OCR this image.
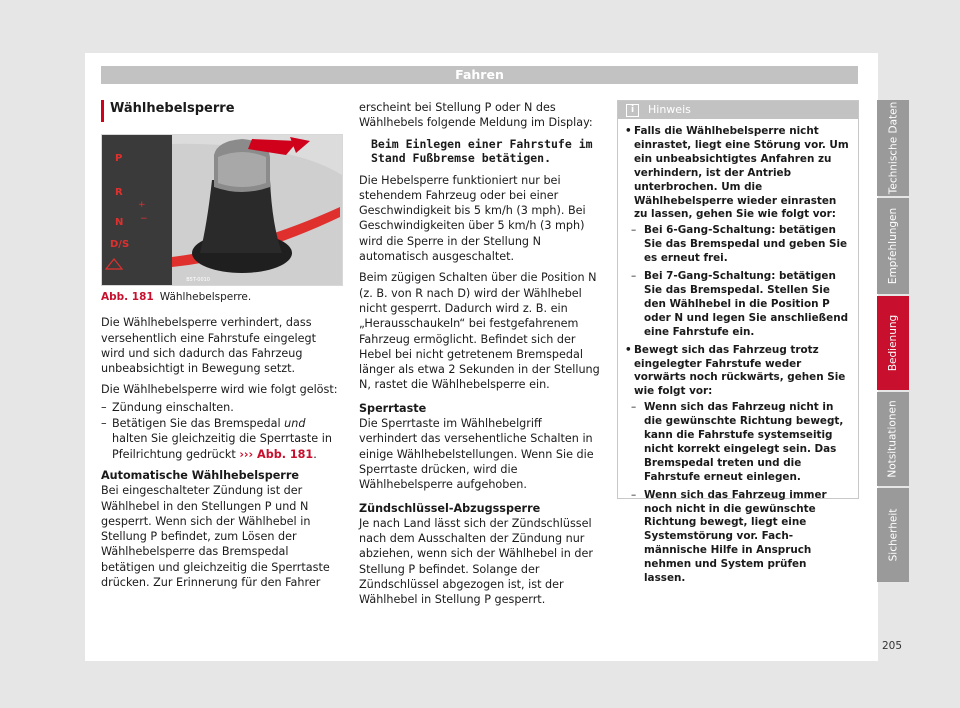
Fahren
Wählhebelsperre
B5T-0010
+
−
P
R
N
D/S
Abb. 181 Wählhebelsperre.

Die Wählhebelsperre verhindert, dass versehentlich eine Fahrstufe eingelegt wird und sich dadurch das Fahrzeug unbeabsichtigt in Bewegung setzt.

Die Wählhebelsperre wird wie folgt gelöst:

– Zündung einschalten.
– Betätigen Sie das Bremspedal und halten Sie gleichzeitig die Sperrtaste in Pfeilrichtung gedrückt ››› Abb. 181.
Automatische Wählhebelsperre

Bei eingeschalteter Zündung ist der Wählhebel in den Stellungen P und N gesperrt. Wenn sich der Wählhebel in Stellung P befindet, zum Lösen der Wählhebelsperre das Bremspedal betätigen und gleichzeitig die Sperrtaste drücken. Zur Erinnerung für den Fahrer

erscheint bei Stellung P oder N des Wählhebels folgende Meldung im Display:

Beim Einlegen einer Fahrstufe im Stand Fußbremse betätigen.

Die Hebelsperre funktioniert nur bei stehendem Fahrzeug oder bei einer Geschwindigkeit bis 5 km/h (3 mph). Bei Geschwindigkeiten über 5 km/h (3 mph) wird die Sperre in der Stellung N automatisch ausgeschaltet.

Beim zügigen Schalten über die Position N (z. B. von R nach D) wird der Wählhebel nicht gesperrt. Dadurch wird z. B. ein „Herausschaukeln“ bei festgefahrenem Fahrzeug ermöglicht. Befindet sich der Hebel bei nicht getretenem Bremspedal länger als etwa 2 Sekunden in der Stellung N, rastet die Wählhebelsperre ein.

Sperrtaste

Die Sperrtaste im Wählhebelgriff verhindert das versehentliche Schalten in einige Wählhebelstellungen. Wenn Sie die Sperrtaste drücken, wird die Wählhebelsperre aufgehoben.

Zündschlüssel-Abzugssperre

Je nach Land lässt sich der Zündschlüssel nach dem Ausschalten der Zündung nur abziehen, wenn sich der Wählhebel in der Stellung P befindet. Solange der Zündschlüssel abgezogen ist, ist der Wählhebel in Stellung P gesperrt.

i	Hinweis
• Falls die Wählhebelsperre nicht einrastet, liegt eine Störung vor. Um ein unbeabsichtigtes Anfahren zu verhindern, ist der Antrieb unterbrochen. Um die Wählhebelsperre wieder einrasten zu lassen, gehen Sie wie folgt vor:
– Bei 6-Gang-Schaltung: betätigen Sie das Bremspedal und geben Sie es erneut frei.
– Bei 7-Gang-Schaltung: betätigen Sie das Bremspedal. Stellen Sie den Wählhebel in die Position P oder N und legen Sie anschließend eine Fahrstufe ein.
• Bewegt sich das Fahrzeug trotz eingelegter Fahrstufe weder vorwärts noch rückwärts, gehen Sie wie folgt vor:
– Wenn sich das Fahrzeug nicht in die gewünschte Richtung bewegt, kann die Fahrstufe systemseitig nicht korrekt eingelegt sein. Das Bremspedal treten und die Fahrstufe erneut einlegen.
– Wenn sich das Fahrzeug immer noch nicht in die gewünschte Richtung bewegt, liegt eine Systemstörung vor. Fachmännische Hilfe in Anspruch nehmen und System prüfen lassen.
Technische Daten
Empfehlungen
Bedienung
Notsituationen
Sicherheit
205
